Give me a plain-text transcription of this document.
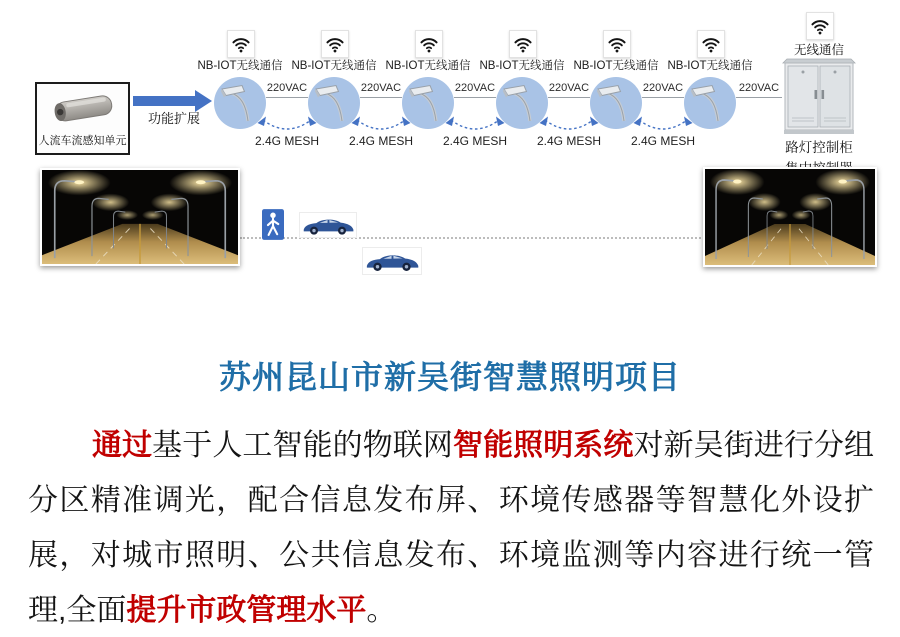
人流车流感知单元
功能扩展
NB-IOT无线通信 NB-IOT无线通信 NB-IOT无线通信 NB-IOT无线通信 NB-IOT无线通信 NB-IOT无线通信
220VAC	220VAC	220VAC	220VAC	220VAC	220VAC
2.4G MESH	2.4G MESH	2.4G MESH	2.4G MESH	2.4G MESH
无线通信
路灯控制柜
苏州昆山市新吴街智慧照明项目
通过基于人工智能的物联网智能照明系统对新吴街进行分组分区精准调光，配合信息发布屏、环境传感器等智慧化外设扩展，对城市照明、公共信息发布、环境监测等内容进行统一管理,全面提升市政管理水平。
